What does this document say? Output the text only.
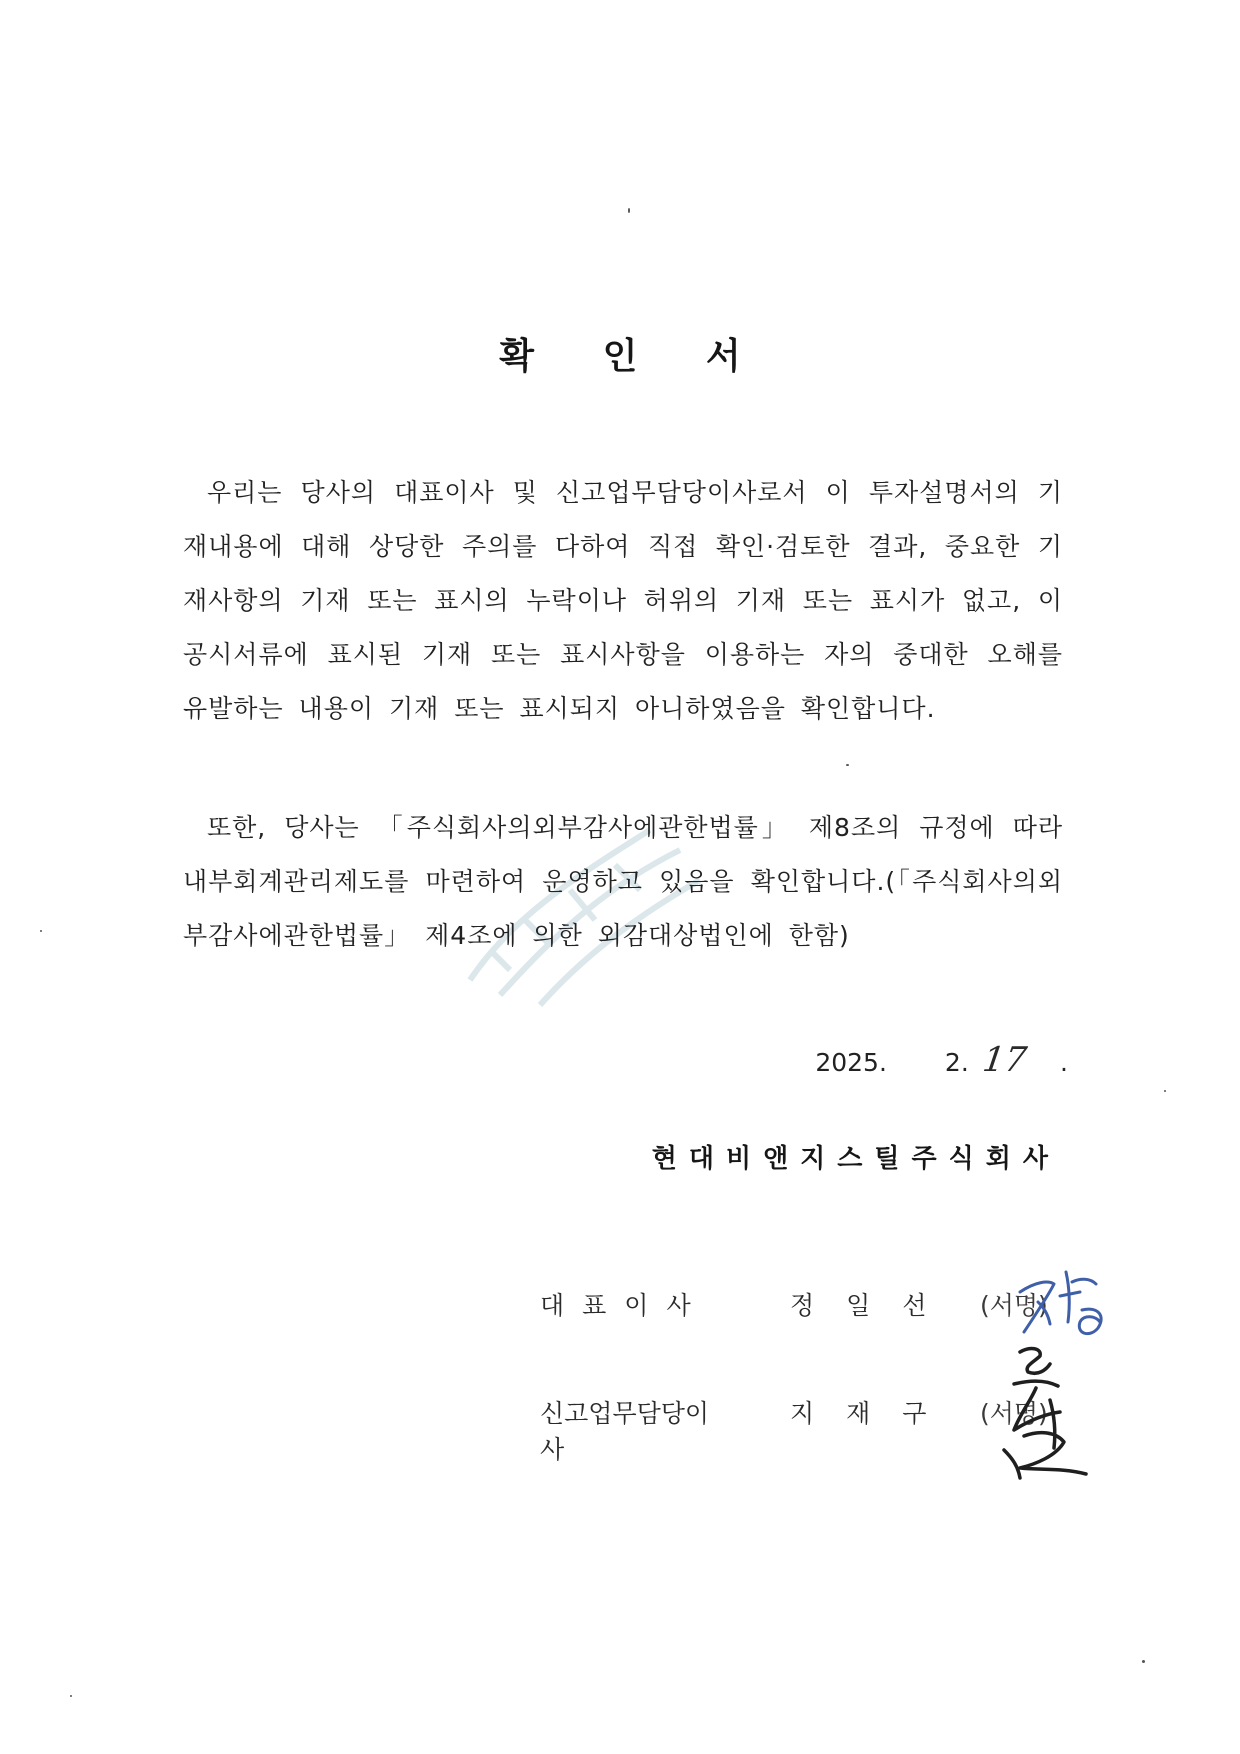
확 인 서
우리는 당사의 대표이사 및 신고업무담당이사로서 이 투자설명서의 기재내용에 대해 상당한 주의를 다하여 직접 확인·검토한 결과, 중요한 기재사항의 기재 또는 표시의 누락이나 허위의 기재 또는 표시가 없고, 이 공시서류에 표시된 기재 또는 표시사항을 이용하는 자의 중대한 오해를 유발하는 내용이 기재 또는 표시되지 아니하였음을 확인합니다.
또한, 당사는 「주식회사의외부감사에관한법률」 제8조의 규정에 따라 내부회계관리제도를 마련하여 운영하고 있음을 확인합니다.(「주식회사의외부감사에관한법률」 제4조에 의한 외감대상법인에 한함)
2025. 2. 17 .
현대비앤지스틸주식회사
대표이사	정일선 (서명)
신고업무담당이사
지재구 (서명)
